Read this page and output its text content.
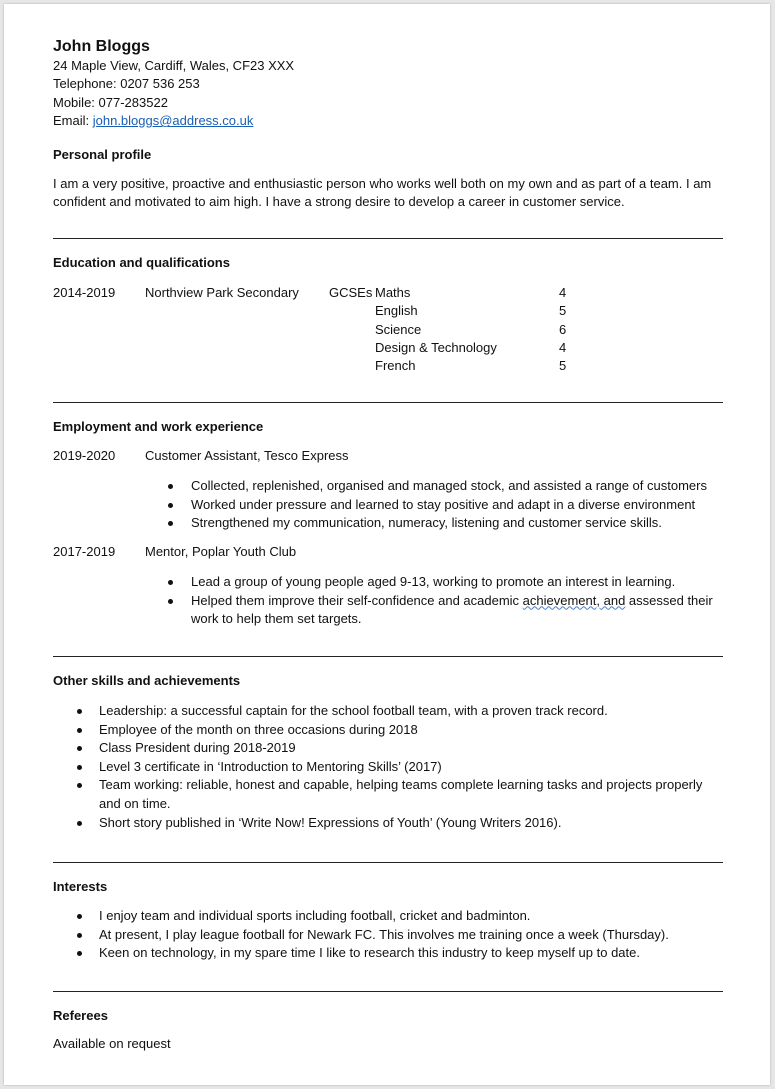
John Bloggs
24 Maple View, Cardiff, Wales, CF23 XXX
Telephone: 0207 536 253
Mobile: 077-283522
Email: john.bloggs@address.co.uk
Personal profile
I am a very positive, proactive and enthusiastic person who works well both on my own and as part of a team. I am confident and motivated to aim high. I have a strong desire to develop a career in customer service.
Education and qualifications
2014-2019 Northview Park Secondary GCSEs Maths	4
English	5
Science	6
Design & Technology	4
French	5
Employment and work experience
2019-2020 Customer Assistant, Tesco Express
Collected, replenished, organised and managed stock, and assisted a range of customers
Worked under pressure and learned to stay positive and adapt in a diverse environment
Strengthened my communication, numeracy, listening and customer service skills.
2017-2019 Mentor, Poplar Youth Club
Lead a group of young people aged 9-13, working to promote an interest in learning.
Helped them improve their self-confidence and academic achievement, and assessed their work to help them set targets.
Other skills and achievements
Leadership: a successful captain for the school football team, with a proven track record.
Employee of the month on three occasions during 2018
Class President during 2018-2019
Level 3 certificate in ‘Introduction to Mentoring Skills’ (2017)
Team working: reliable, honest and capable, helping teams complete learning tasks and projects properly and on time.
Short story published in ‘Write Now! Expressions of Youth’ (Young Writers 2016).
Interests
I enjoy team and individual sports including football, cricket and badminton.
At present, I play league football for Newark FC. This involves me training once a week (Thursday).
Keen on technology, in my spare time I like to research this industry to keep myself up to date.
Referees
Available on request
